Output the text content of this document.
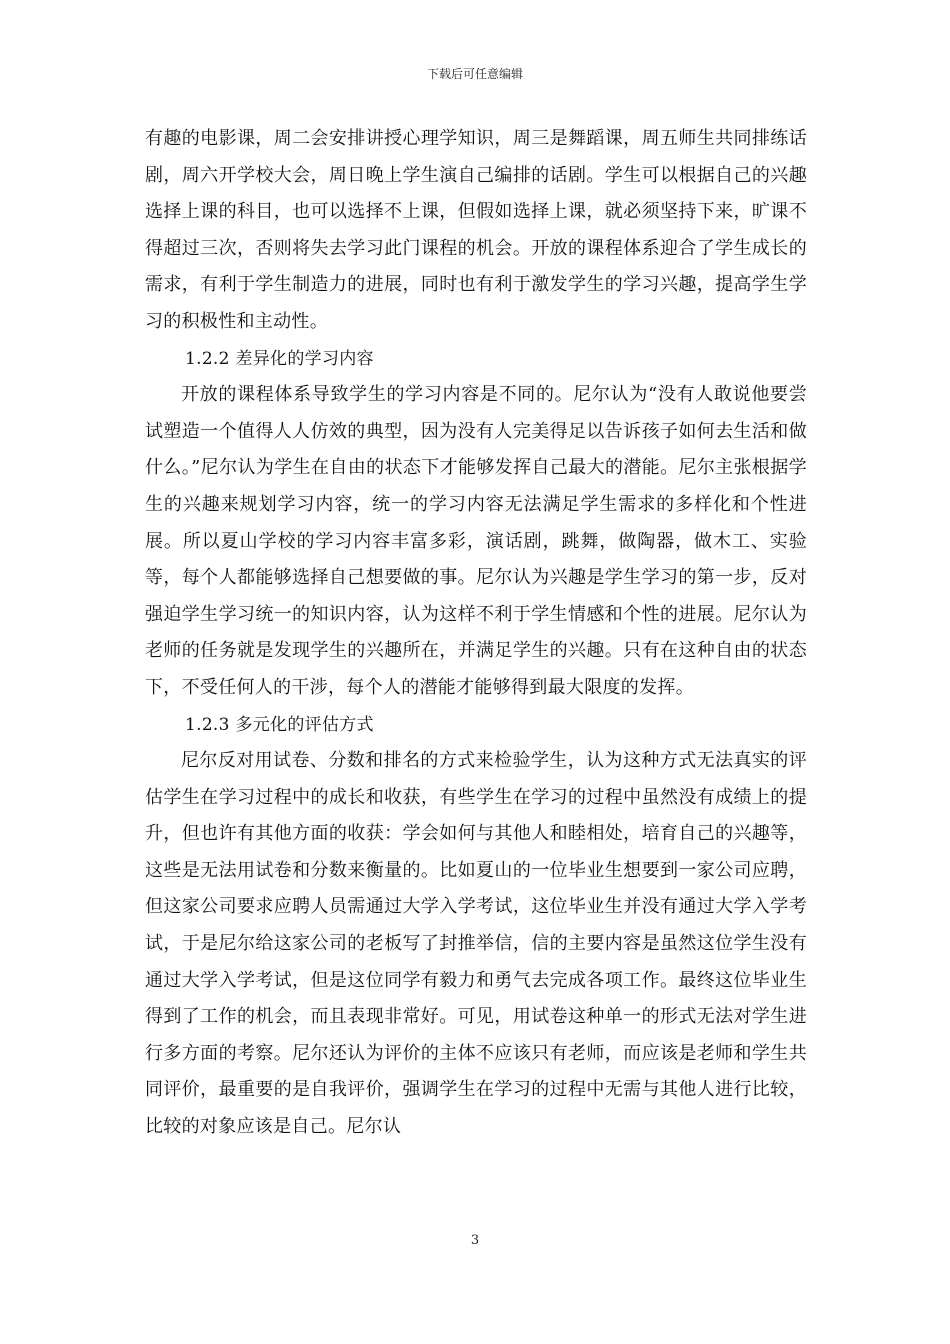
下载后可任意编辑

有趣的电影课，周二会安排讲授心理学知识，周三是舞蹈课，周五师生共同排练话剧，周六开学校大会，周日晚上学生演自己编排的话剧。学生可以根据自己的兴趣选择上课的科目，也可以选择不上课，但假如选择上课，就必须坚持下来，旷课不得超过三次，否则将失去学习此门课程的机会。开放的课程体系迎合了学生成长的需求，有利于学生制造力的进展，同时也有利于激发学生的学习兴趣，提高学生学习的积极性和主动性。

1.2.2 差异化的学习内容

开放的课程体系导致学生的学习内容是不同的。尼尔认为“没有人敢说他要尝试塑造一个值得人人仿效的典型，因为没有人完美得足以告诉孩子如何去生活和做什么。”尼尔认为学生在自由的状态下才能够发挥自己最大的潜能。尼尔主张根据学生的兴趣来规划学习内容，统一的学习内容无法满足学生需求的多样化和个性进展。所以夏山学校的学习内容丰富多彩，演话剧，跳舞，做陶器，做木工、实验等，每个人都能够选择自己想要做的事。尼尔认为兴趣是学生学习的第一步，反对强迫学生学习统一的知识内容，认为这样不利于学生情感和个性的进展。尼尔认为老师的任务就是发现学生的兴趣所在，并满足学生的兴趣。只有在这种自由的状态下，不受任何人的干涉，每个人的潜能才能够得到最大限度的发挥。

1.2.3 多元化的评估方式

尼尔反对用试卷、分数和排名的方式来检验学生，认为这种方式无法真实的评估学生在学习过程中的成长和收获，有些学生在学习的过程中虽然没有成绩上的提升，但也许有其他方面的收获：学会如何与其他人和睦相处，培育自己的兴趣等，这些是无法用试卷和分数来衡量的。比如夏山的一位毕业生想要到一家公司应聘，但这家公司要求应聘人员需通过大学入学考试，这位毕业生并没有通过大学入学考试，于是尼尔给这家公司的老板写了封推举信，信的主要内容是虽然这位学生没有通过大学入学考试，但是这位同学有毅力和勇气去完成各项工作。最终这位毕业生得到了工作的机会，而且表现非常好。可见，用试卷这种单一的形式无法对学生进行多方面的考察。尼尔还认为评价的主体不应该只有老师，而应该是老师和学生共同评价，最重要的是自我评价，强调学生在学习的过程中无需与其他人进行比较，比较的对象应该是自己。尼尔认

3
